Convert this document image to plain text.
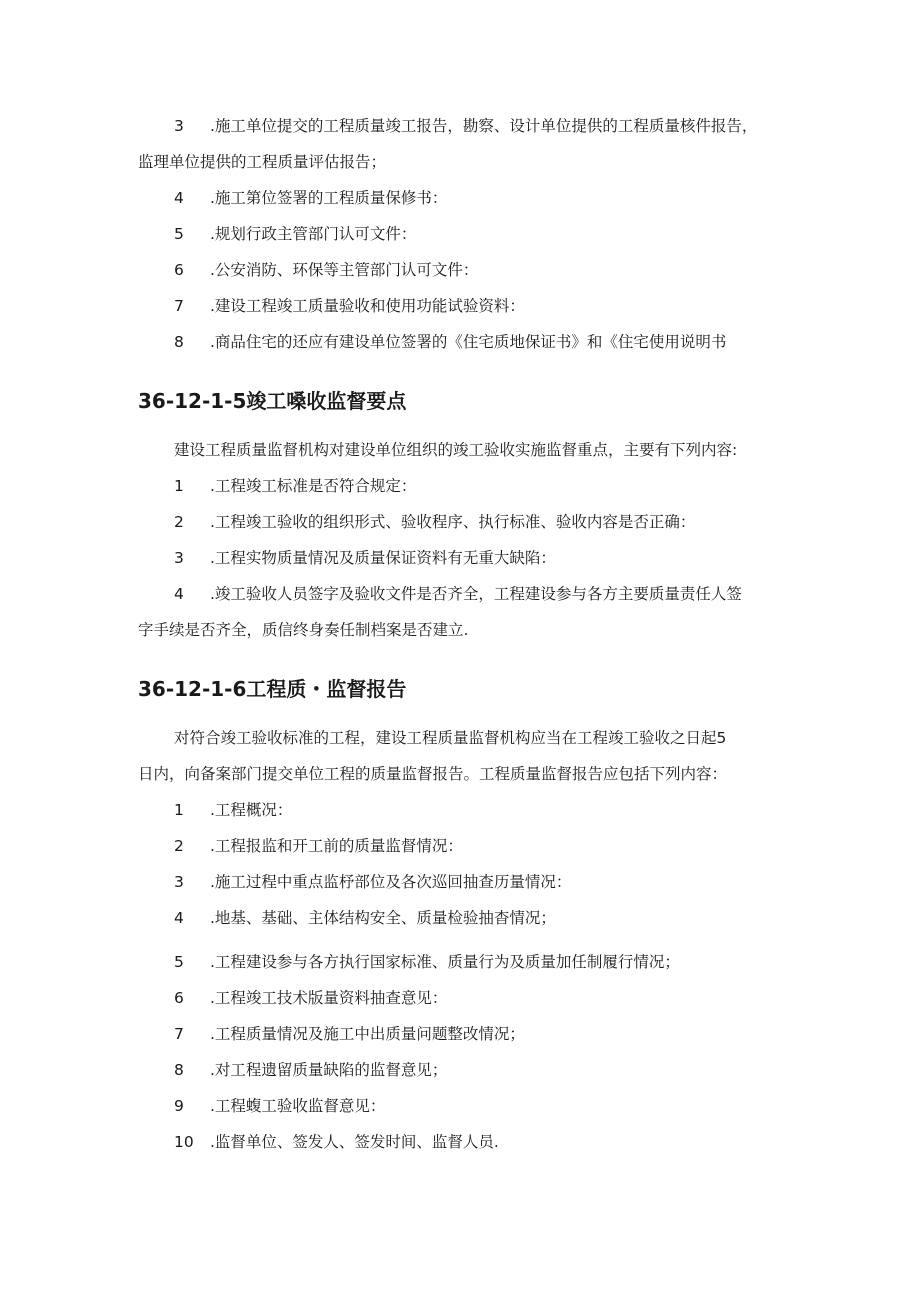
3 .施工单位提交的工程质量竣工报告，勘察、设计单位提供的工程质量核件报告，
监理单位提供的工程质量评估报告；
4 .施工第位签署的工程质量保修书：
5 .规划行政主管部门认可文件：
6 .公安消防、环保等主管部门认可文件：
7 .建设工程竣工质量验收和使用功能试验资料：
8 .商品住宅的还应有建设单位签署的《住宅质地保证书》和《住宅使用说明书
36-12-1-5竣工嗓收监督要点
建设工程质量监督机构对建设单位组织的竣工验收实施监督重点，主要有下列内容:
1 .工程竣工标准是否符合规定：
2 .工程竣工验收的组织形式、验收程序、执行标准、验收内容是否正确：
3 .工程实物质量情况及质量保证资料有无重大缺陷：
4 .竣工验收人员签字及验收文件是否齐全，工程建设参与各方主要质量责任人签
字手续是否齐全，质信终身奏任制档案是否建立.
36-12-1-6工程质・监督报告
对符合竣工验收标准的工程，建设工程质量监督机构应当在工程竣工验收之日起5
日内，向备案部门提交单位工程的质量监督报告。工程质量监督报告应包括下列内容：
1 .工程概况：
2 .工程报监和开工前的质量监督情况：
3 .施工过程中重点监杼部位及各次巡回抽查历量情况：
4 .地基、基础、主体结构安全、质量检验抽杳情况；
5 .工程建设参与各方执行国家标准、质量行为及质量加任制履行情况；
6 .工程竣工技术版量资料抽查意见：
7 .工程质量情况及施工中出质量问题整改情况；
8 .对工程遗留质量缺陷的监督意见；
9 .工程蝮工验收监督意见：
10 .监督单位、签发人、签发时间、监督人员.
